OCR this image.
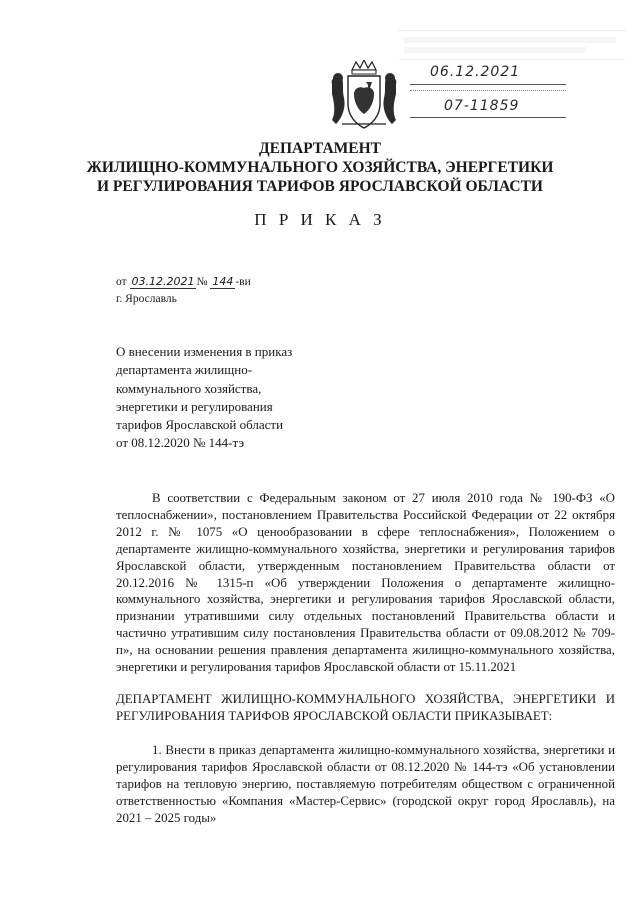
06.12.2021
07-11859
ДЕПАРТАМЕНТ
ЖИЛИЩНО-КОММУНАЛЬНОГО ХОЗЯЙСТВА, ЭНЕРГЕТИКИ
И РЕГУЛИРОВАНИЯ ТАРИФОВ ЯРОСЛАВСКОЙ ОБЛАСТИ
П Р И К А З
от 03.12.2021 № 144 -ви
г. Ярославль
О внесении изменения в приказ
департамента жилищно-
коммунального хозяйства,
энергетики и регулирования
тарифов Ярославской области
от 08.12.2020 № 144-тэ
В соответствии с Федеральным законом от 27 июля 2010 года № 190-ФЗ «О теплоснабжении», постановлением Правительства Российской Федерации от 22 октября 2012 г. № 1075 «О ценообразовании в сфере теплоснабжения», Положением о департаменте жилищно-коммунального хозяйства, энергетики и регулирования тарифов Ярославской области, утвержденным постановлением Правительства области от 20.12.2016 № 1315-п «Об утверждении Положения о департаменте жилищно-коммунального хозяйства, энергетики и регулирования тарифов Ярославской области, признании утратившими силу отдельных постановлений Правительства области и частично утратившим силу постановления Правительства области от 09.08.2012 № 709-п», на основании решения правления департамента жилищно-коммунального хозяйства, энергетики и регулирования тарифов Ярославской области от 15.11.2021
ДЕПАРТАМЕНТ ЖИЛИЩНО-КОММУНАЛЬНОГО ХОЗЯЙСТВА, ЭНЕРГЕТИКИ И РЕГУЛИРОВАНИЯ ТАРИФОВ ЯРОСЛАВСКОЙ ОБЛАСТИ ПРИКАЗЫВАЕТ:
1. Внести в приказ департамента жилищно-коммунального хозяйства, энергетики и регулирования тарифов Ярославской области от 08.12.2020 № 144-тэ «Об установлении тарифов на тепловую энергию, поставляемую потребителям обществом с ограниченной ответственностью «Компания «Мастер-Сервис» (городской округ город Ярославль), на 2021 – 2025 годы»
